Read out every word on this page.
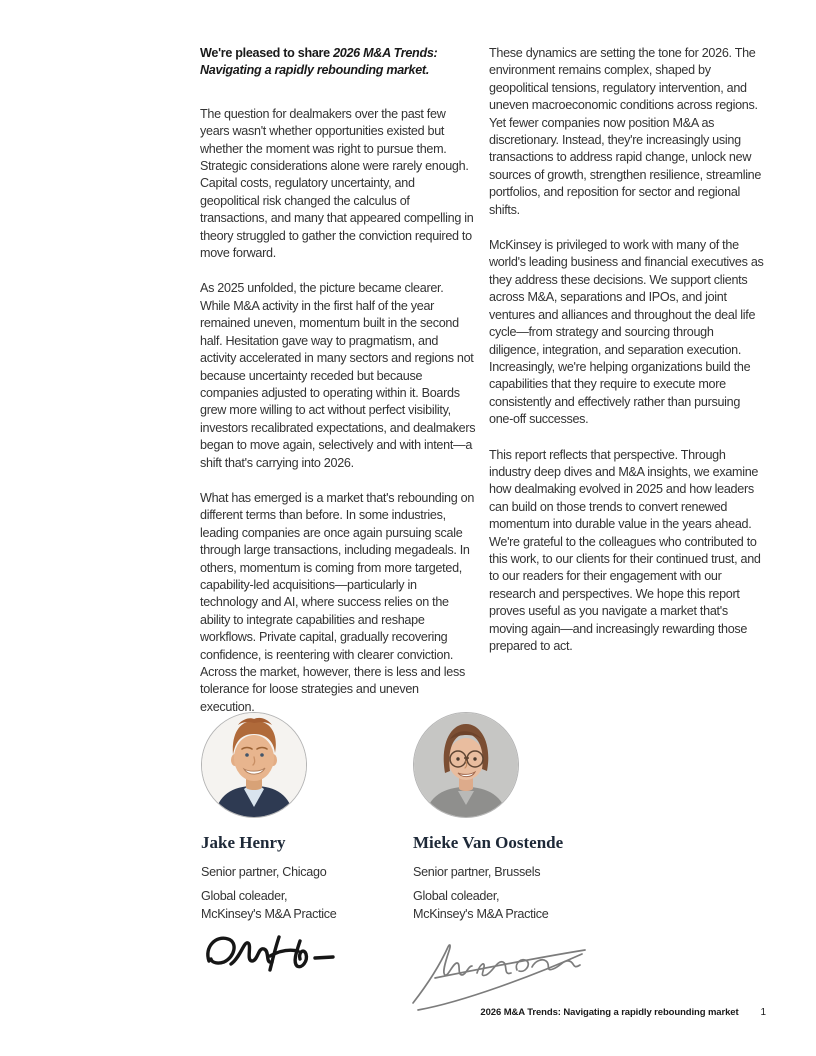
We're pleased to share 2026 M&A Trends: Navigating a rapidly rebounding market.

The question for dealmakers over the past few years wasn't whether opportunities existed but whether the moment was right to pursue them. Strategic considerations alone were rarely enough. Capital costs, regulatory uncertainty, and geopolitical risk changed the calculus of transactions, and many that appeared compelling in theory struggled to gather the conviction required to move forward.

As 2025 unfolded, the picture became clearer. While M&A activity in the first half of the year remained uneven, momentum built in the second half. Hesitation gave way to pragmatism, and activity accelerated in many sectors and regions not because uncertainty receded but because companies adjusted to operating within it. Boards grew more willing to act without perfect visibility, investors recalibrated expectations, and dealmakers began to move again, selectively and with intent—a shift that's carrying into 2026.

What has emerged is a market that's rebounding on different terms than before. In some industries, leading companies are once again pursuing scale through large transactions, including megadeals. In others, momentum is coming from more targeted, capability-led acquisitions—particularly in technology and AI, where success relies on the ability to integrate capabilities and reshape workflows. Private capital, gradually recovering confidence, is reentering with clearer conviction. Across the market, however, there is less and less tolerance for loose strategies and uneven execution.

These dynamics are setting the tone for 2026. The environment remains complex, shaped by geopolitical tensions, regulatory intervention, and uneven macroeconomic conditions across regions. Yet fewer companies now position M&A as discretionary. Instead, they're increasingly using transactions to address rapid change, unlock new sources of growth, strengthen resilience, streamline portfolios, and reposition for sector and regional shifts.

McKinsey is privileged to work with many of the world's leading business and financial executives as they address these decisions. We support clients across M&A, separations and IPOs, and joint ventures and alliances and throughout the deal life cycle—from strategy and sourcing through diligence, integration, and separation execution. Increasingly, we're helping organizations build the capabilities that they require to execute more consistently and effectively rather than pursuing one-off successes.

This report reflects that perspective. Through industry deep dives and M&A insights, we examine how dealmaking evolved in 2025 and how leaders can build on those trends to convert renewed momentum into durable value in the years ahead. We're grateful to the colleagues who contributed to this work, to our clients for their continued trust, and to our readers for their engagement with our research and perspectives. We hope this report proves useful as you navigate a market that's moving again—and increasingly rewarding those prepared to act.

Jake Henry
Senior partner, Chicago
Global coleader,
McKinsey's M&A Practice
Mieke Van Oostende
Senior partner, Brussels
Global coleader,
McKinsey's M&A Practice
2026 M&A Trends: Navigating a rapidly rebounding market 1
